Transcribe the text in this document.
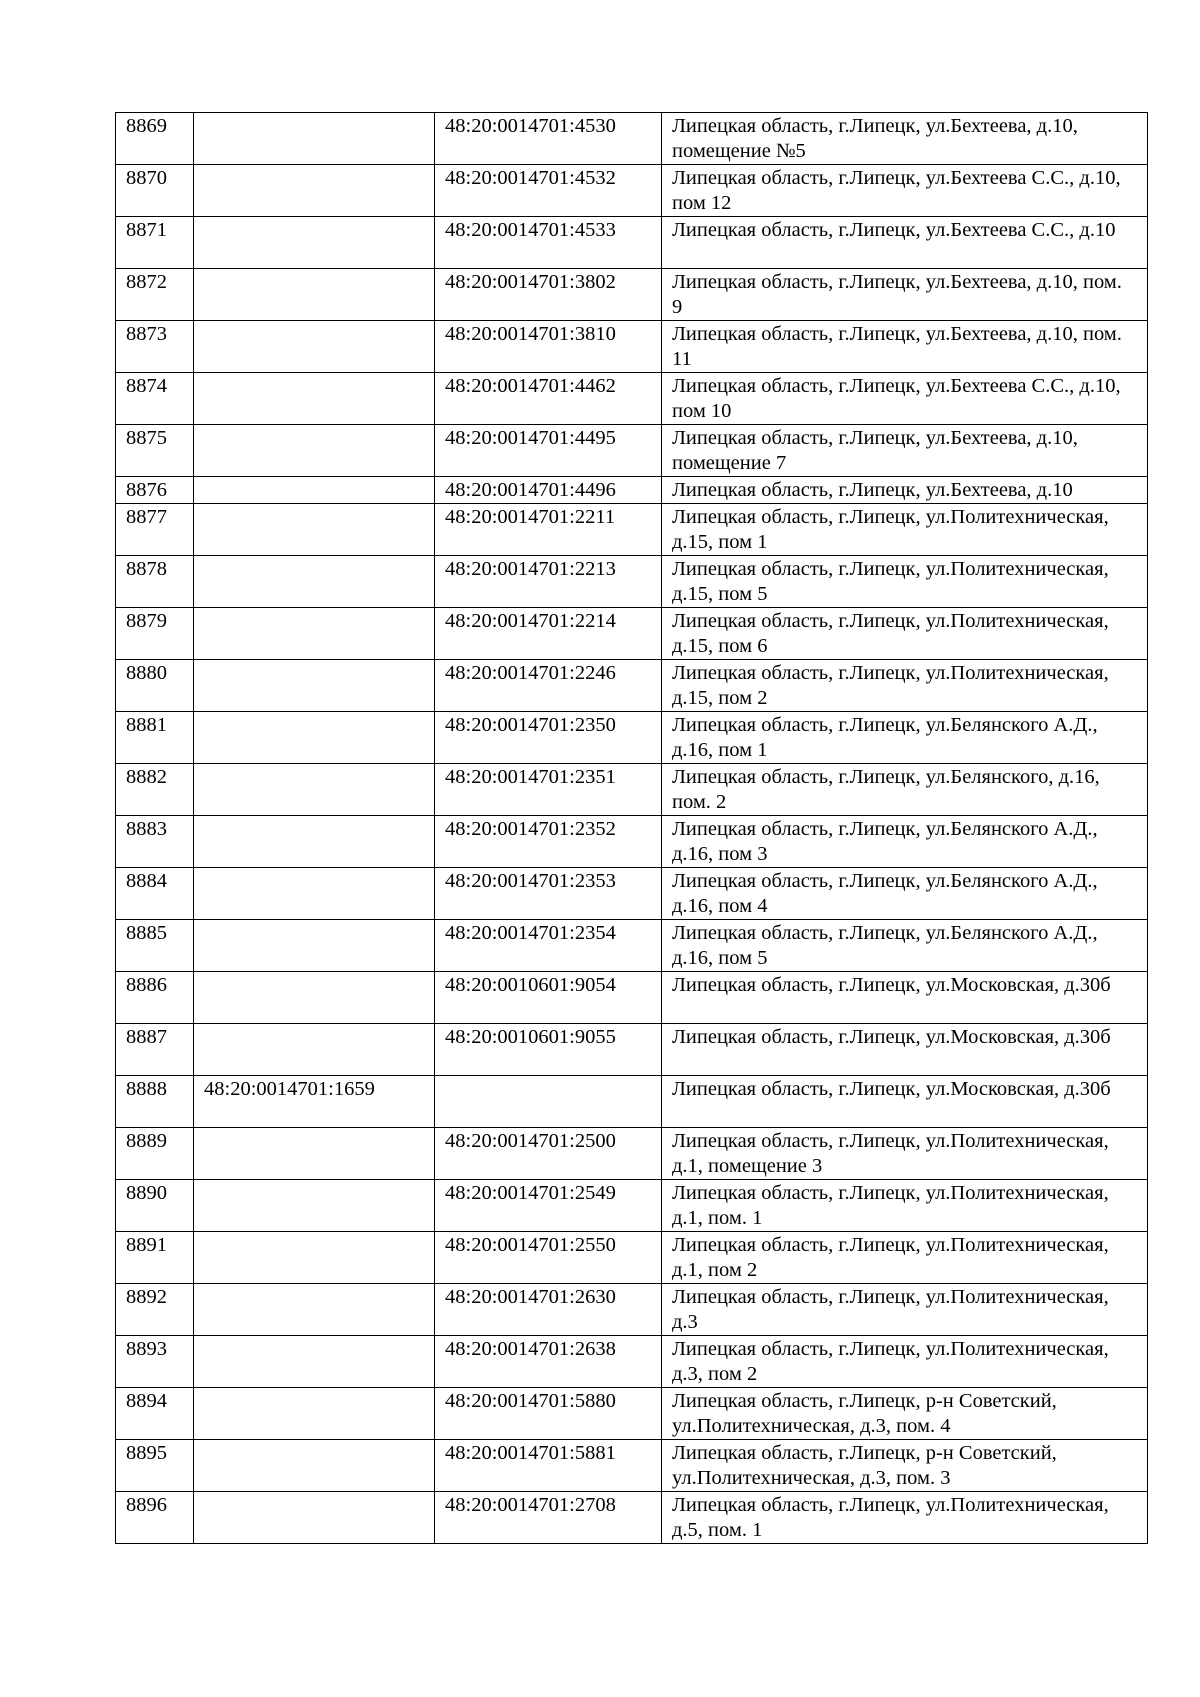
8869		48:20:0014701:4530	Липецкая область, г.Липецк, ул.Бехтеева, д.10, помещение №5
8870		48:20:0014701:4532	Липецкая область, г.Липецк, ул.Бехтеева С.С., д.10, пом 12
8871		48:20:0014701:4533	Липецкая область, г.Липецк, ул.Бехтеева С.С., д.10
8872		48:20:0014701:3802	Липецкая область, г.Липецк, ул.Бехтеева, д.10, пом. 9
8873		48:20:0014701:3810	Липецкая область, г.Липецк, ул.Бехтеева, д.10, пом. 11
8874		48:20:0014701:4462	Липецкая область, г.Липецк, ул.Бехтеева С.С., д.10, пом 10
8875		48:20:0014701:4495	Липецкая область, г.Липецк, ул.Бехтеева, д.10, помещение 7
8876		48:20:0014701:4496	Липецкая область, г.Липецк, ул.Бехтеева, д.10
8877		48:20:0014701:2211	Липецкая область, г.Липецк, ул.Политехническая, д.15, пом 1
8878		48:20:0014701:2213	Липецкая область, г.Липецк, ул.Политехническая, д.15, пом 5
8879		48:20:0014701:2214	Липецкая область, г.Липецк, ул.Политехническая, д.15, пом 6
8880		48:20:0014701:2246	Липецкая область, г.Липецк, ул.Политехническая, д.15, пом 2
8881		48:20:0014701:2350	Липецкая область, г.Липецк, ул.Белянского А.Д., д.16, пом 1
8882		48:20:0014701:2351	Липецкая область, г.Липецк, ул.Белянского, д.16, пом. 2
8883		48:20:0014701:2352	Липецкая область, г.Липецк, ул.Белянского А.Д., д.16, пом 3
8884		48:20:0014701:2353	Липецкая область, г.Липецк, ул.Белянского А.Д., д.16, пом 4
8885		48:20:0014701:2354	Липецкая область, г.Липецк, ул.Белянского А.Д., д.16, пом 5
8886		48:20:0010601:9054	Липецкая область, г.Липецк, ул.Московская, д.30б
8887		48:20:0010601:9055	Липецкая область, г.Липецк, ул.Московская, д.30б
8888	48:20:0014701:1659		Липецкая область, г.Липецк, ул.Московская, д.30б
8889		48:20:0014701:2500	Липецкая область, г.Липецк, ул.Политехническая, д.1, помещение 3
8890		48:20:0014701:2549	Липецкая область, г.Липецк, ул.Политехническая, д.1, пом. 1
8891		48:20:0014701:2550	Липецкая область, г.Липецк, ул.Политехническая, д.1, пом 2
8892		48:20:0014701:2630	Липецкая область, г.Липецк, ул.Политехническая, д.3
8893		48:20:0014701:2638	Липецкая область, г.Липецк, ул.Политехническая, д.3, пом 2
8894		48:20:0014701:5880	Липецкая область, г.Липецк, р-н Советский, ул.Политехническая, д.3, пом. 4
8895		48:20:0014701:5881	Липецкая область, г.Липецк, р-н Советский, ул.Политехническая, д.3, пом. 3
8896		48:20:0014701:2708	Липецкая область, г.Липецк, ул.Политехническая, д.5, пом. 1
